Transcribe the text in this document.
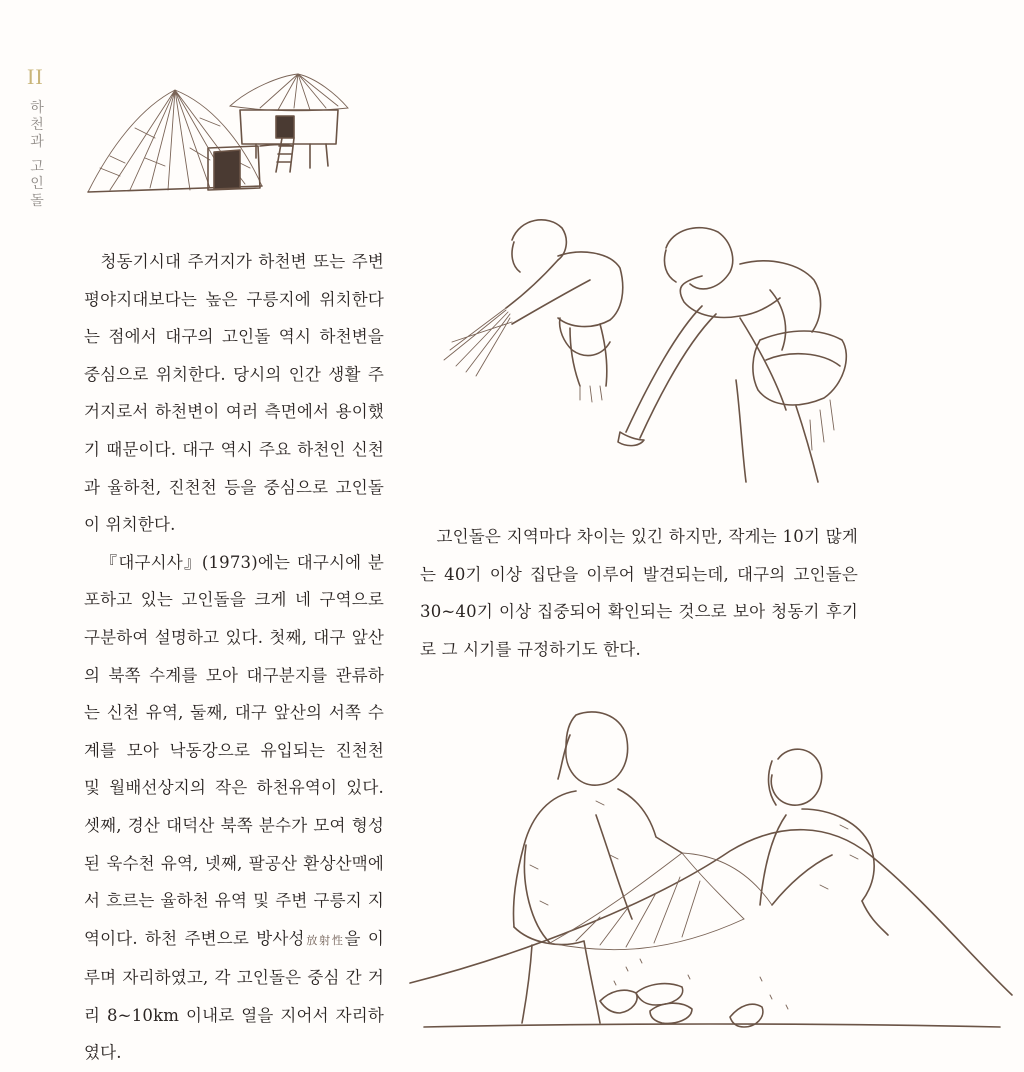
II
하
천
과
고
인
돌

청동기시대 주거지가 하천변 또는 주변 평야지대보다는 높은 구릉지에 위치한다는 점에서 대구의 고인돌 역시 하천변을 중심으로 위치한다. 당시의 인간 생활 주거지로서 하천변이 여러 측면에서 용이했기 때문이다. 대구 역시 주요 하천인 신천과 율하천, 진천천 등을 중심으로 고인돌이 위치한다.

『대구시사』(1973)에는 대구시에 분포하고 있는 고인돌을 크게 네 구역으로 구분하여 설명하고 있다. 첫째, 대구 앞산의 북쪽 수계를 모아 대구분지를 관류하는 신천 유역, 둘째, 대구 앞산의 서쪽 수계를 모아 낙동강으로 유입되는 진천천 및 월배선상지의 작은 하천유역이 있다. 셋째, 경산 대덕산 북쪽 분수가 모여 형성된 욱수천 유역, 넷째, 팔공산 환상산맥에서 흐르는 율하천 유역 및 주변 구릉지 지역이다. 하천 주변으로 방사성放射性을 이루며 자리하였고, 각 고인돌은 중심 간 거리 8~10km 이내로 열을 지어서 자리하였다.

고인돌은 지역마다 차이는 있긴 하지만, 작게는 10기 많게는 40기 이상 집단을 이루어 발견되는데, 대구의 고인돌은 30~40기 이상 집중되어 확인되는 것으로 보아 청동기 후기로 그 시기를 규정하기도 한다.
